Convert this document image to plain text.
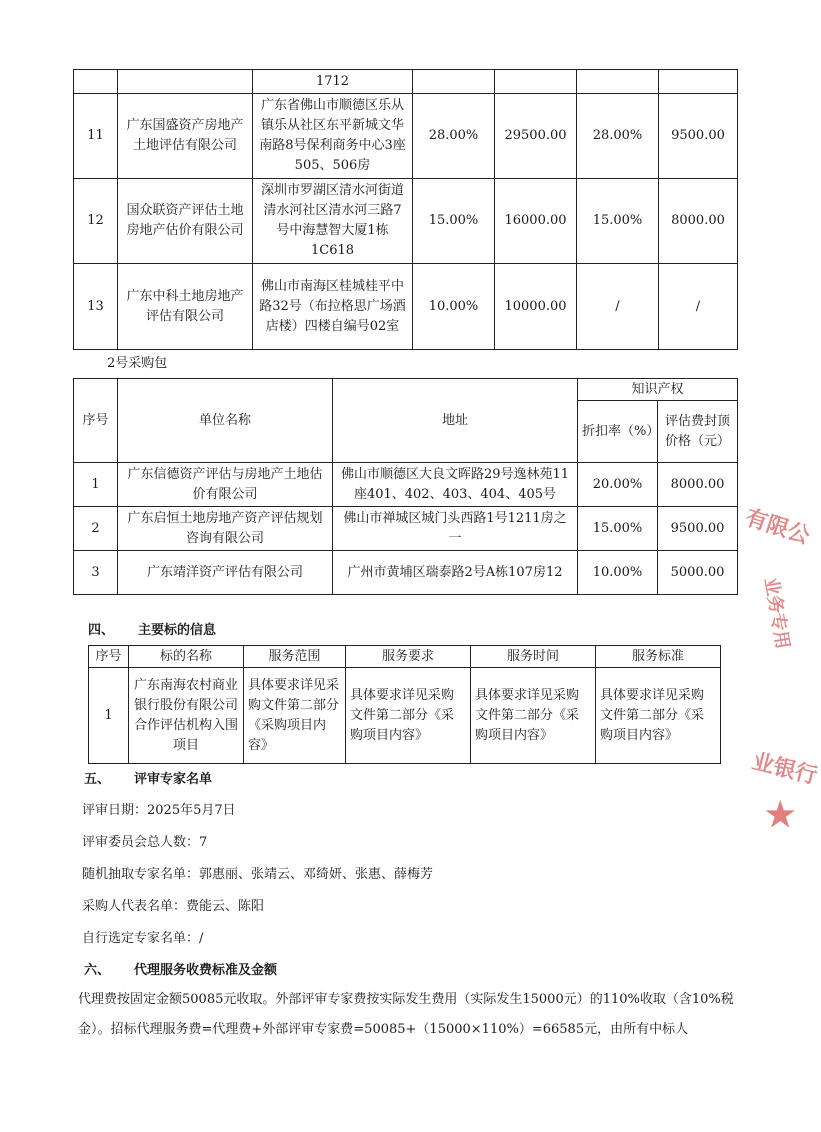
		1712				
11	广东国盛资产房地产土地评估有限公司	广东省佛山市顺德区乐从镇乐从社区东平新城文华南路8号保利商务中心3座505、506房	28.00%	29500.00	28.00%	9500.00
12	国众联资产评估土地房地产估价有限公司	深圳市罗湖区清水河街道清水河社区清水河三路7号中海慧智大厦1栋1C618	15.00%	16000.00	15.00%	8000.00
13	广东中科土地房地产评估有限公司	佛山市南海区桂城桂平中路32号（布拉格思广场酒店楼）四楼自编号02室	10.00%	10000.00	/	/
2号采购包
序号	单位名称	地址	知识产权	
			折扣率（%）	评估费封顶价格（元）
1	广东信德资产评估与房地产土地估价有限公司	佛山市顺德区大良文晖路29号逸林苑11座401、402、403、404、405号	20.00%	8000.00
2	广东启恒土地房地产资产评估规划咨询有限公司	佛山市禅城区城门头西路1号1211房之一	15.00%	9500.00
3	广东靖洋资产评估有限公司	广州市黄埔区瑞泰路2号A栋107房12	10.00%	5000.00
四、 主要标的信息
序号	标的名称	服务范围	服务要求	服务时间	服务标准
1	广东南海农村商业银行股份有限公司合作评估机构入围项目	具体要求详见采购文件第二部分《采购项目内容》	具体要求详见采购文件第二部分《采购项目内容》	具体要求详见采购文件第二部分《采购项目内容》	具体要求详见采购文件第二部分《采购项目内容》
五、 评审专家名单
评审日期：2025年5月7日
评审委员会总人数：7
随机抽取专家名单：郭惠丽、张靖云、邓绮妍、张惠、薛梅芳
采购人代表名单：费能云、陈阳
自行选定专家名单：/
六、 代理服务收费标准及金额
代理费按固定金额50085元收取。外部评审专家费按实际发生费用（实际发生15000元）的110%收取（含10%税金）。招标代理服务费=代理费+外部评审专家费=50085+（15000×110%）=66585元，由所有中标人
有限公
业务专用
业银行
★
